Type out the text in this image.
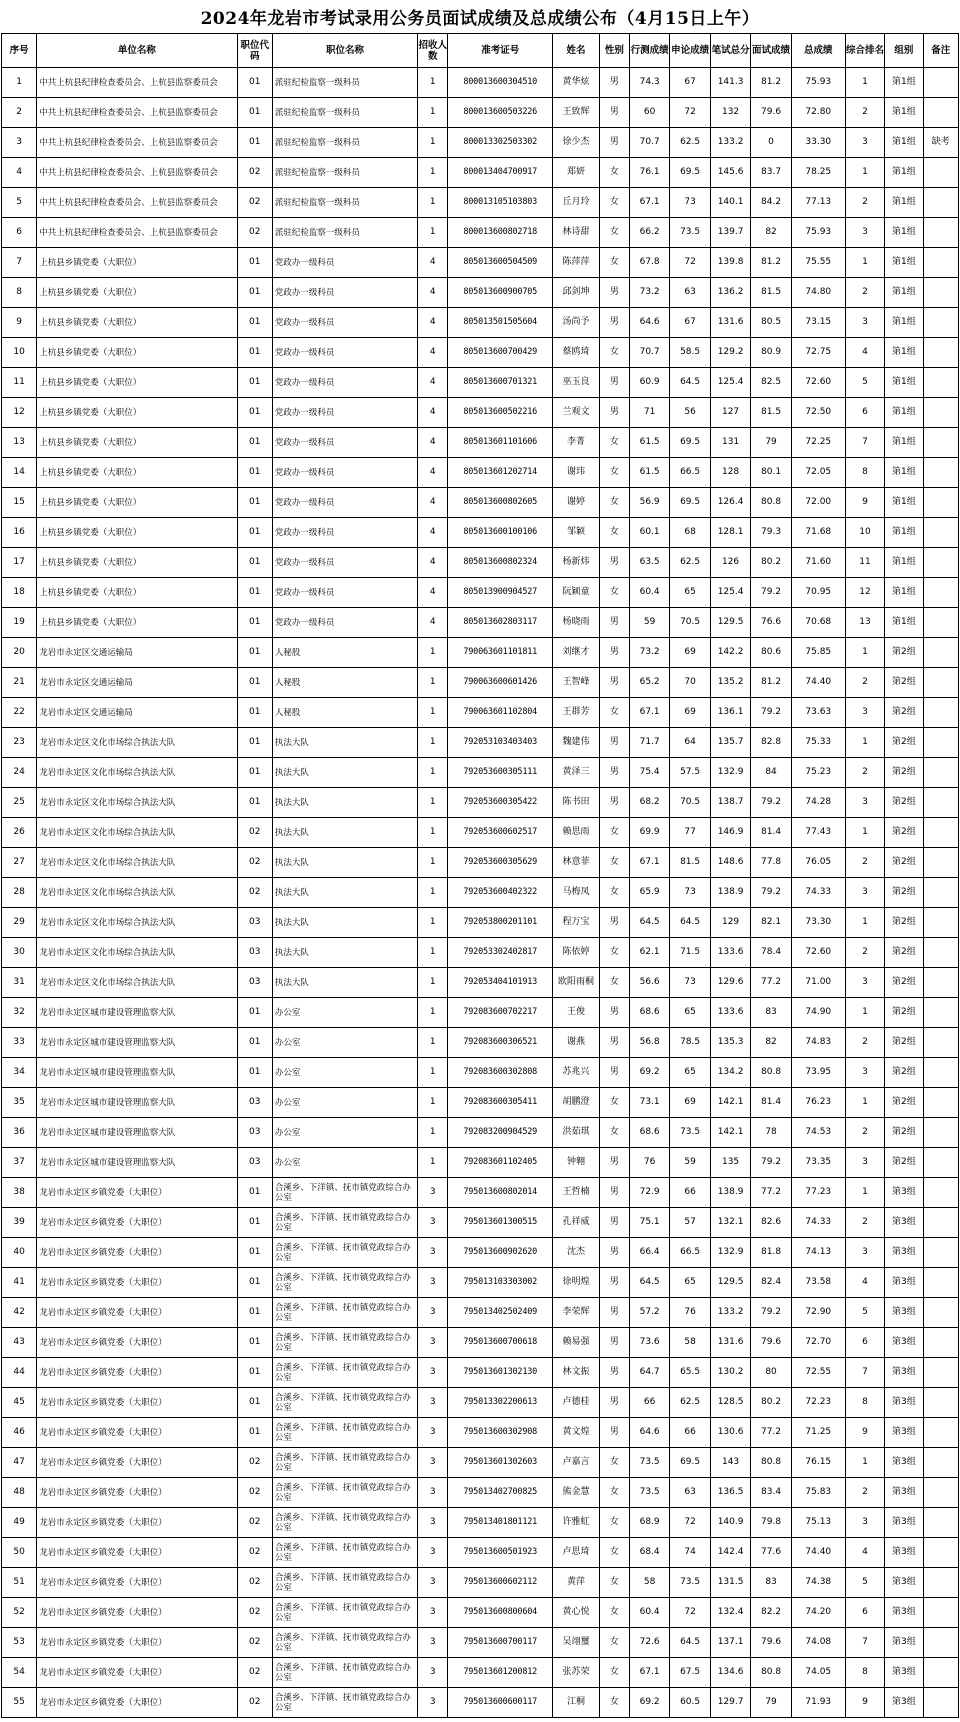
2024年龙岩市考试录用公务员面试成绩及总成绩公布（4月15日上午）
序号	单位名称	职位代码	职位名称	招收人数	准考证号	姓名	性别	行测成绩	申论成绩	笔试总分	面试成绩	总成绩	综合排名	组别	备注
1	中共上杭县纪律检查委员会、上杭县监察委员会	01	派驻纪检监察一级科员	1	800013600304510	黄华炫	男	74.3	67	141.3	81.2	75.93	1	第1组	
2	中共上杭县纪律检查委员会、上杭县监察委员会	01	派驻纪检监察一级科员	1	800013600503226	王致辉	男	60	72	132	79.6	72.80	2	第1组	
3	中共上杭县纪律检查委员会、上杭县监察委员会	01	派驻纪检监察一级科员	1	800013302503302	徐少杰	男	70.7	62.5	133.2	0	33.30	3	第1组	缺考
4	中共上杭县纪律检查委员会、上杭县监察委员会	02	派驻纪检监察一级科员	1	800013404700917	郑妍	女	76.1	69.5	145.6	83.7	78.25	1	第1组	
5	中共上杭县纪律检查委员会、上杭县监察委员会	02	派驻纪检监察一级科员	1	800013105103803	丘月玲	女	67.1	73	140.1	84.2	77.13	2	第1组	
6	中共上杭县纪律检查委员会、上杭县监察委员会	02	派驻纪检监察一级科员	1	800013600802718	林诗甜	女	66.2	73.5	139.7	82	75.93	3	第1组	
7	上杭县乡镇党委（大职位）	01	党政办一级科员	4	805013600504509	陈萍萍	女	67.8	72	139.8	81.2	75.55	1	第1组	
8	上杭县乡镇党委（大职位）	01	党政办一级科员	4	805013600900705	邱剑坤	男	73.2	63	136.2	81.5	74.80	2	第1组	
9	上杭县乡镇党委（大职位）	01	党政办一级科员	4	805013501505604	汤尚予	男	64.6	67	131.6	80.5	73.15	3	第1组	
10	上杭县乡镇党委（大职位）	01	党政办一级科员	4	805013600700429	蔡鸥琦	女	70.7	58.5	129.2	80.9	72.75	4	第1组	
11	上杭县乡镇党委（大职位）	01	党政办一级科员	4	805013600701321	巫玉良	男	60.9	64.5	125.4	82.5	72.60	5	第1组	
12	上杭县乡镇党委（大职位）	01	党政办一级科员	4	805013600502216	兰观文	男	71	56	127	81.5	72.50	6	第1组	
13	上杭县乡镇党委（大职位）	01	党政办一级科员	4	805013601101606	李菁	女	61.5	69.5	131	79	72.25	7	第1组	
14	上杭县乡镇党委（大职位）	01	党政办一级科员	4	805013601202714	谢玮	女	61.5	66.5	128	80.1	72.05	8	第1组	
15	上杭县乡镇党委（大职位）	01	党政办一级科员	4	805013600802605	谢婷	女	56.9	69.5	126.4	80.8	72.00	9	第1组	
16	上杭县乡镇党委（大职位）	01	党政办一级科员	4	805013600100106	邹颖	女	60.1	68	128.1	79.3	71.68	10	第1组	
17	上杭县乡镇党委（大职位）	01	党政办一级科员	4	805013600802324	杨新炜	男	63.5	62.5	126	80.2	71.60	11	第1组	
18	上杭县乡镇党委（大职位）	01	党政办一级科员	4	805013900904527	阮颖童	女	60.4	65	125.4	79.2	70.95	12	第1组	
19	上杭县乡镇党委（大职位）	01	党政办一级科员	4	805013602803117	杨晓雨	男	59	70.5	129.5	76.6	70.68	13	第1组	
20	龙岩市永定区交通运输局	01	人秘股	1	790063601101811	刘继才	男	73.2	69	142.2	80.6	75.85	1	第2组	
21	龙岩市永定区交通运输局	01	人秘股	1	790063600601426	王智峰	男	65.2	70	135.2	81.2	74.40	2	第2组	
22	龙岩市永定区交通运输局	01	人秘股	1	790063601102804	王群芳	女	67.1	69	136.1	79.2	73.63	3	第2组	
23	龙岩市永定区文化市场综合执法大队	01	执法大队	1	792053103403403	魏建伟	男	71.7	64	135.7	82.8	75.33	1	第2组	
24	龙岩市永定区文化市场综合执法大队	01	执法大队	1	792053600305111	黄泽三	男	75.4	57.5	132.9	84	75.23	2	第2组	
25	龙岩市永定区文化市场综合执法大队	01	执法大队	1	792053600305422	陈书田	男	68.2	70.5	138.7	79.2	74.28	3	第2组	
26	龙岩市永定区文化市场综合执法大队	02	执法大队	1	792053600602517	赖思雨	女	69.9	77	146.9	81.4	77.43	1	第2组	
27	龙岩市永定区文化市场综合执法大队	02	执法大队	1	792053600305629	林意菲	女	67.1	81.5	148.6	77.8	76.05	2	第2组	
28	龙岩市永定区文化市场综合执法大队	02	执法大队	1	792053600402322	马梅凤	女	65.9	73	138.9	79.2	74.33	3	第2组	
29	龙岩市永定区文化市场综合执法大队	03	执法大队	1	792053800201101	程万宝	男	64.5	64.5	129	82.1	73.30	1	第2组	
30	龙岩市永定区文化市场综合执法大队	03	执法大队	1	792053302402817	陈依婷	女	62.1	71.5	133.6	78.4	72.60	2	第2组	
31	龙岩市永定区文化市场综合执法大队	03	执法大队	1	792053404101913	欧阳雨桐	女	56.6	73	129.6	77.2	71.00	3	第2组	
32	龙岩市永定区城市建设管理监察大队	01	办公室	1	792083600702217	王俊	男	68.6	65	133.6	83	74.90	1	第2组	
33	龙岩市永定区城市建设管理监察大队	01	办公室	1	792083600306521	谢燕	男	56.8	78.5	135.3	82	74.83	2	第2组	
34	龙岩市永定区城市建设管理监察大队	01	办公室	1	792083600302808	苏兆兴	男	69.2	65	134.2	80.8	73.95	3	第2组	
35	龙岩市永定区城市建设管理监察大队	03	办公室	1	792083600305411	胡鹏澄	女	73.1	69	142.1	81.4	76.23	1	第2组	
36	龙岩市永定区城市建设管理监察大队	03	办公室	1	792083200904529	洪茹琪	女	68.6	73.5	142.1	78	74.53	2	第2组	
37	龙岩市永定区城市建设管理监察大队	03	办公室	1	792083601102405	钟翱	男	76	59	135	79.2	73.35	3	第2组	
38	龙岩市永定区乡镇党委（大职位）	01	合溪乡、下洋镇、抚市镇党政综合办公室	3	795013600802014	王哲楠	男	72.9	66	138.9	77.2	77.23	1	第3组	
39	龙岩市永定区乡镇党委（大职位）	01	合溪乡、下洋镇、抚市镇党政综合办公室	3	795013601300515	孔祥威	男	75.1	57	132.1	82.6	74.33	2	第3组	
40	龙岩市永定区乡镇党委（大职位）	01	合溪乡、下洋镇、抚市镇党政综合办公室	3	795013600902620	沈杰	男	66.4	66.5	132.9	81.8	74.13	3	第3组	
41	龙岩市永定区乡镇党委（大职位）	01	合溪乡、下洋镇、抚市镇党政综合办公室	3	795013103303002	徐明煌	男	64.5	65	129.5	82.4	73.58	4	第3组	
42	龙岩市永定区乡镇党委（大职位）	01	合溪乡、下洋镇、抚市镇党政综合办公室	3	795013402502409	李荣辉	男	57.2	76	133.2	79.2	72.90	5	第3组	
43	龙岩市永定区乡镇党委（大职位）	01	合溪乡、下洋镇、抚市镇党政综合办公室	3	795013600700618	赖易强	男	73.6	58	131.6	79.6	72.70	6	第3组	
44	龙岩市永定区乡镇党委（大职位）	01	合溪乡、下洋镇、抚市镇党政综合办公室	3	795013601302130	林文振	男	64.7	65.5	130.2	80	72.55	7	第3组	
45	龙岩市永定区乡镇党委（大职位）	01	合溪乡、下洋镇、抚市镇党政综合办公室	3	795013302200613	卢德桂	男	66	62.5	128.5	80.2	72.23	8	第3组	
46	龙岩市永定区乡镇党委（大职位）	01	合溪乡、下洋镇、抚市镇党政综合办公室	3	795013600302908	黄文煌	男	64.6	66	130.6	77.2	71.25	9	第3组	
47	龙岩市永定区乡镇党委（大职位）	02	合溪乡、下洋镇、抚市镇党政综合办公室	3	795013601302603	卢嘉言	女	73.5	69.5	143	80.8	76.15	1	第3组	
48	龙岩市永定区乡镇党委（大职位）	02	合溪乡、下洋镇、抚市镇党政综合办公室	3	795013402700825	熊金慧	女	73.5	63	136.5	83.4	75.83	2	第3组	
49	龙岩市永定区乡镇党委（大职位）	02	合溪乡、下洋镇、抚市镇党政综合办公室	3	795013401801121	许雅虹	女	68.9	72	140.9	79.8	75.13	3	第3组	
50	龙岩市永定区乡镇党委（大职位）	02	合溪乡、下洋镇、抚市镇党政综合办公室	3	795013600501923	卢思琦	女	68.4	74	142.4	77.6	74.40	4	第3组	
51	龙岩市永定区乡镇党委（大职位）	02	合溪乡、下洋镇、抚市镇党政综合办公室	3	795013600602112	黄萍	女	58	73.5	131.5	83	74.38	5	第3组	
52	龙岩市永定区乡镇党委（大职位）	02	合溪乡、下洋镇、抚市镇党政综合办公室	3	795013600800604	黄心悦	女	60.4	72	132.4	82.2	74.20	6	第3组	
53	龙岩市永定区乡镇党委（大职位）	02	合溪乡、下洋镇、抚市镇党政综合办公室	3	795013600700117	吴翊璽	女	72.6	64.5	137.1	79.6	74.08	7	第3组	
54	龙岩市永定区乡镇党委（大职位）	02	合溪乡、下洋镇、抚市镇党政综合办公室	3	795013601200812	张苏荣	女	67.1	67.5	134.6	80.8	74.05	8	第3组	
55	龙岩市永定区乡镇党委（大职位）	02	合溪乡、下洋镇、抚市镇党政综合办公室	3	795013600600117	江桐	女	69.2	60.5	129.7	79	71.93	9	第3组	
